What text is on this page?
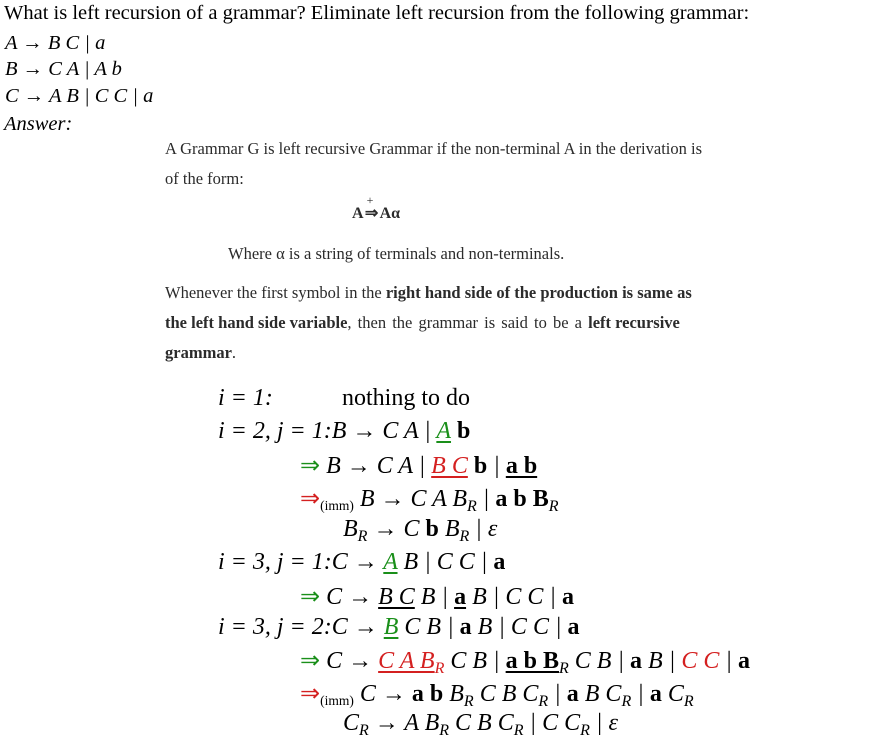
What is left recursion of a grammar? Eliminate left recursion from the following grammar:
A → B C | a
B → C A | A b
C → A B | C C | a
Answer:
A Grammar G is left recursive Grammar if the non-terminal A in the derivation is
of the form:
A
+
⇒Aα
Where α is a string of terminals and non-terminals.
Whenever the first symbol in the right hand side of the production is same as
the left hand side variable, then the grammar is said to be a left recursive
grammar.
i = 1:	nothing to do
i = 2, j = 1:B → C A | A b
⇒ B → C A | B C b | a b
⇒(imm) B → C A $B_R$ | a b $B_R$
$B_R \to C$ b $B_R$ | ε
i = 3, j = 1:C → A B | C C | a
⇒ C → B C B | a B | C C | a
i = 3, j = 2:C → B C B | a B | C C | a
⇒ C → C A $B_R$ C B | a b $B_R$ C B | a B | C C | a
⇒(imm) C → a b $B_R$ C B $C_R$ | a B $C_R$ | a $C_R$
$C_R \to A$ $B_R$ C B $C_R$ | C $C_R$ | ε
